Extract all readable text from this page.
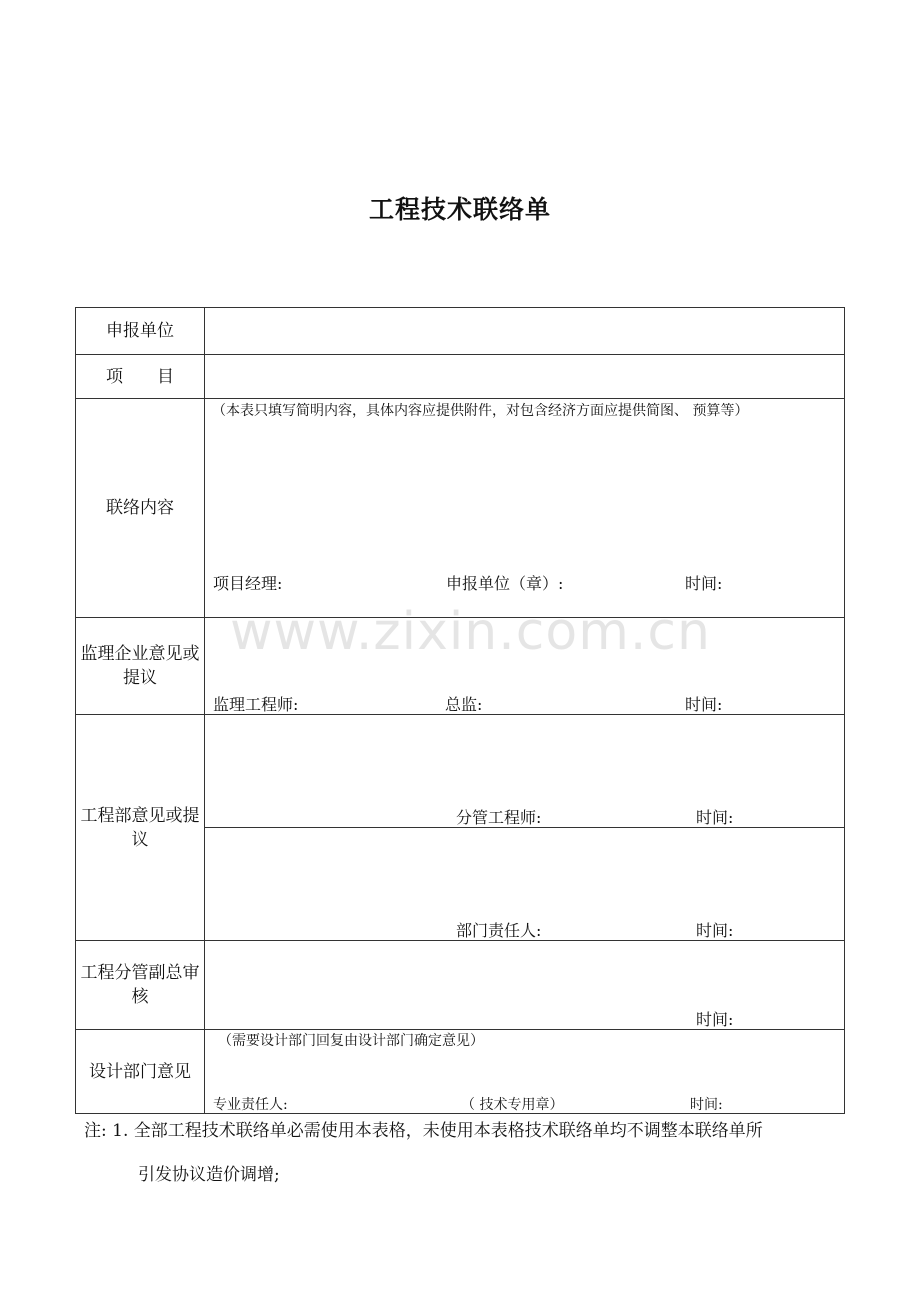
工程技术联络单
申报单位
项　　目
联络内容
（本表只填写简明内容，具体内容应提供附件，对包含经济方面应提供简图、 预算等）
项目经理:	申报单位（章）:	时间:
监理企业意见或提议
监理工程师:	总监:	时间:
工程部意见或提议
分管工程师:	时间:
部门责任人:	时间:
工程分管副总审核
时间:
设计部门意见
（需要设计部门回复由设计部门确定意见）
专业责任人:	（ 技术专用章）	时间:
www.zixin.com.cn
注: 1. 全部工程技术联络单必需使用本表格，未使用本表格技术联络单均不调整本联络单所
引发协议造价调增;
